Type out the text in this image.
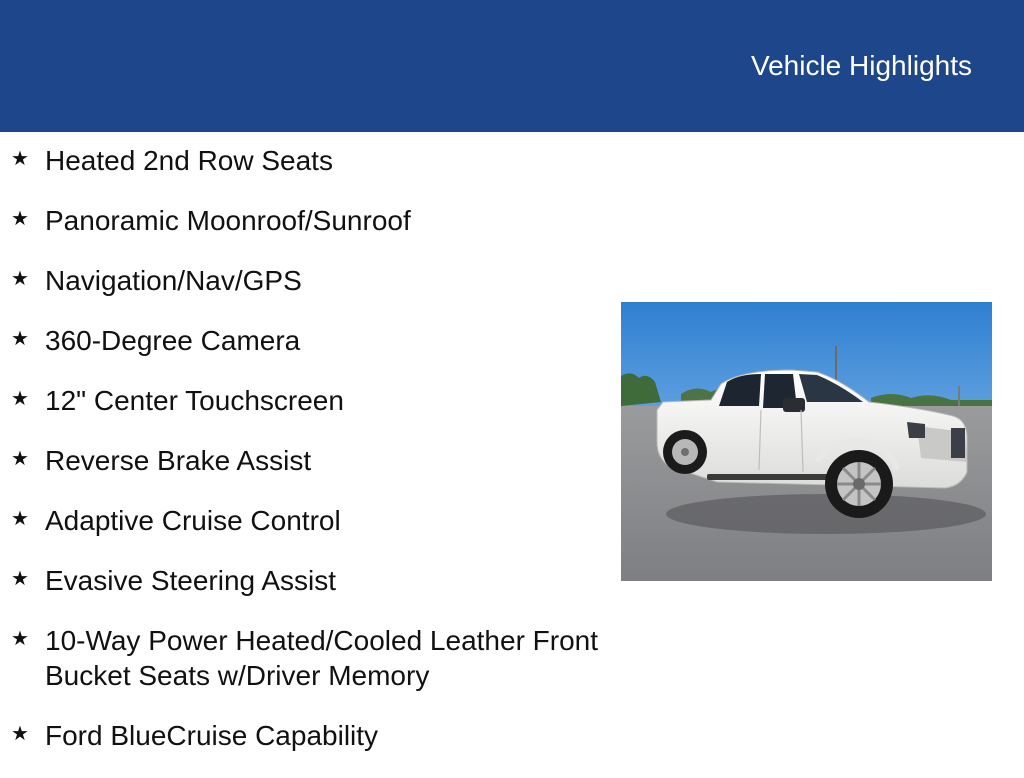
Vehicle Highlights
★ Heated 2nd Row Seats
★ Panoramic Moonroof/Sunroof
★ Navigation/Nav/GPS
★ 360-Degree Camera
★ 12" Center Touchscreen
★ Reverse Brake Assist
★ Adaptive Cruise Control
★ Evasive Steering Assist
★ 10-Way Power Heated/Cooled Leather Front Bucket Seats w/Driver Memory
★ Ford BlueCruise Capability
